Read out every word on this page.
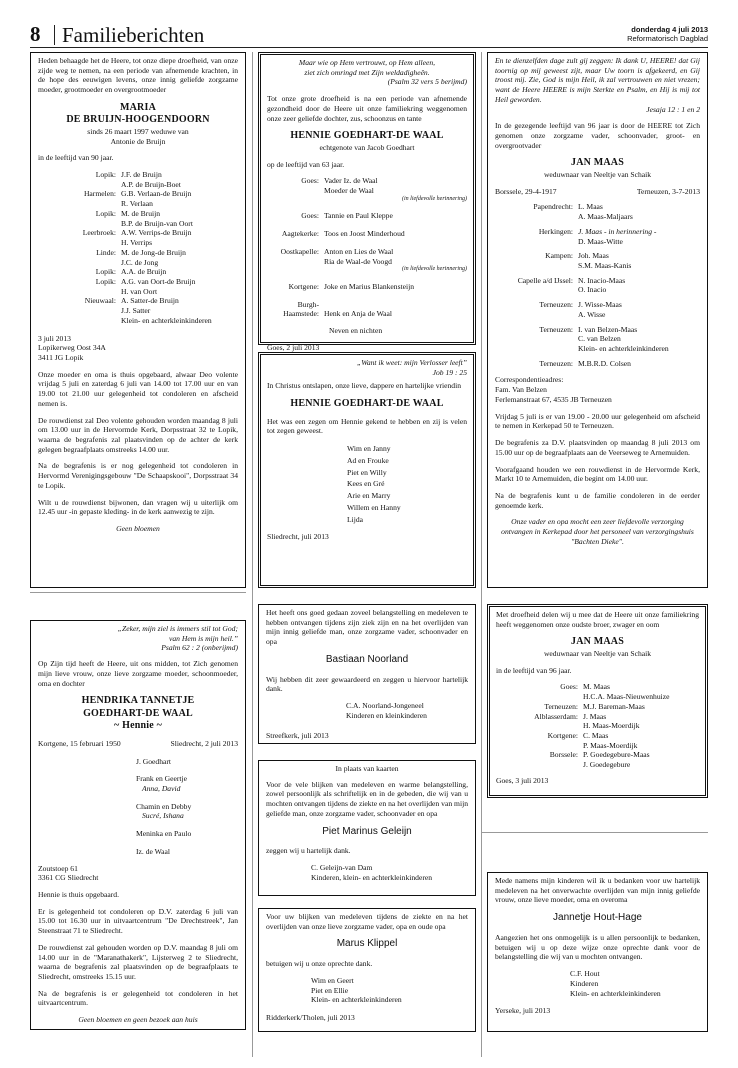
8 Familieberichten	donderdag 4 juli 2013
Reformatorisch Dagblad

Heden behaagde het de Heere, tot onze diepe droefheid, van onze zijde weg te nemen, na een periode van afnemende krachten, in de hope des eeuwigen levens, onze innig geliefde zorgzame moeder, grootmoeder en overgrootmoeder

MARIA
DE BRUIJN-HOOGENDOORN
sinds 26 maart 1997 weduwe van
Antonie de Bruijn

in de leeftijd van 90 jaar.

Lopik:	J.F. de Bruijn
A.P. de Bruijn-Boet

Harmelen:	G.B. Verlaan-de Bruijn
R. Verlaan

Lopik:	M. de Bruijn
B.P. de Bruijn-van Oort

Leerbroek:	A.W. Verrips-de Bruijn
H. Verrips

Linde:	M. de Jong-de Bruijn
J.C. de Jong

Lopik:	A.A. de Bruijn

Lopik:	A.G. van Oort-de Bruijn
H. van Oort

Nieuwaal:	A. Satter-de Bruijn
J.J. Satter

	Klein- en achterkleinkinderen
3 juli 2013
Lopikerweg Oost 34A
3411 JG Lopik

Onze moeder en oma is thuis opgebaard, alwaar Deo volente vrijdag 5 juli en zaterdag 6 juli van 14.00 tot 17.00 uur en van 19.00 tot 21.00 uur gelegenheid tot condoleren en afscheid nemen is.

De rouwdienst zal Deo volente gehouden worden maandag 8 juli om 13.00 uur in de Hervormde Kerk, Dorpsstraat 32 te Lopik, waarna de begrafenis zal plaatsvinden op de achter de kerk gelegen begraafplaats omstreeks 14.00 uur.

Na de begrafenis is er nog gelegenheid tot condoleren in Hervormd Verenigingsgebouw "De Schaapskooi", Dorpsstraat 34 te Lopik.

Wilt u de rouwdienst bijwonen, dan vragen wij u uiterlijk om 12.45 uur -in gepaste kleding- in de kerk aanwezig te zijn.

Geen bloemen
Maar wie op Hem vertrouwt, op Hem alleen,
ziet zich omringd met Zijn weldadigheên.
(Psalm 32 vers 5 berijmd)

Tot onze grote droefheid is na een periode van afnemende gezondheid door de Heere uit onze familiekring weggenomen onze zeer geliefde dochter, zus, schoonzus en tante

HENNIE GOEDHART-DE WAAL
echtgenote van Jacob Goedhart

op de leeftijd van 63 jaar.

Goes:	Vader Iz. de Waal
Moeder de Waal
(in liefdevolle herinnering)

Goes:	Tannie en Paul Kleppe

Aagtekerke:	Toos en Joost Minderhoud

Oostkapelle:	Anton en Lies de Waal
Ria de Waal-de Voogd
(in liefdevolle herinnering)

Kortgene:	Joke en Marius Blankensteijn

Burgh-Haamstede:	Henk en Anja de Waal
Neven en nichten
Goes, 2 juli 2013
„Want ik weet: mijn Verlosser leeft”
Job 19 : 25

In Christus ontslapen, onze lieve, dappere en hartelijke vriendin

HENNIE GOEDHART-DE WAAL

Het was een zegen om Hennie gekend te hebben en zij is velen tot zegen geweest.

Wim en Janny
Ad en Frouke
Piet en Willy
Kees en Gré
Arie en Marry
Willem en Hanny
Lijda
Sliedrecht, juli 2013
En te dienzelfden dage zult gij zeggen: Ik dank U, HEERE! dat Gij toornig op mij geweest zijt, maar Uw toorn is afgekeerd, en Gij troost mij. Zie, God is mijn Heil, ik zal vertrouwen en niet vrezen; want de Heere HEERE is mijn Sterkte en Psalm, en Hij is mij tot Heil geworden.
Jesaja 12 : 1 en 2

In de gezegende leeftijd van 96 jaar is door de HEERE tot Zich genomen onze zorgzame vader, schoonvader, groot- en overgrootvader

JAN MAAS
weduwnaar van Neeltje van Schaik
Borssele, 29-4-1917	Terneuzen, 3-7-2013
Papendrecht:	L. Maas
A. Maas-Maljaars

Herkingen:	J. Maas - in herinnering -
D. Maas-Witte

Kampen:	Joh. Maas
S.M. Maas-Kanis

Capelle a/d IJssel:	N. Inacio-Maas
O. Inacio

Terneuzen:	J. Wisse-Maas
A. Wisse

Terneuzen:	I. van Belzen-Maas
C. van Belzen
Klein- en achterkleinkinderen

Terneuzen:	M.B.R.D. Colsen
Correspondentieadres:
Fam. Van Belzen
Ferlemanstraat 67, 4535 JB Terneuzen

Vrijdag 5 juli is er van 19.00 - 20.00 uur gelegenheid om afscheid te nemen in Kerkepad 50 te Terneuzen.

De begrafenis za D.V. plaatsvinden op maandag 8 juli 2013 om 15.00 uur op de begraafplaats aan de Veerseweg te Arnemuiden.

Voorafgaand houden we een rouwdienst in de Hervormde Kerk, Markt 10 te Arnemuiden, die begint om 14.00 uur.

Na de begrafenis kunt u de familie condoleren in de eerder genoemde kerk.

Onze vader en opa mocht een zeer liefdevolle verzorging ontvangen in Kerkepad door het personeel van verzorgingshuis "Bachten Dieke".
„Zeker, mijn ziel is immers stil tot God;
van Hem is mijn heil.”
Psalm 62 : 2 (onberijmd)

Op Zijn tijd heeft de Heere, uit ons midden, tot Zich genomen mijn lieve vrouw, onze lieve zorgzame moeder, schoonmoeder, oma en dochter

HENDRIKA TANNETJE
GOEDHART-DE WAAL
~ Hennie ~
Kortgene, 15 februari 1950	Sliedrecht, 2 juli 2013
J. Goedhart
Frank en Geertje
Anna, David
Chamin en Debby
Sucré, Ishana
Meninka en Paulo
Iz. de Waal
Zoutstoep 61
3361 CG Sliedrecht

Hennie is thuis opgebaard.

Er is gelegenheid tot condoleren op D.V. zaterdag 6 juli van 15.00 tot 16.30 uur in uitvaartcentrum "De Drechtstreek", Jan Steenstraat 71 te Sliedrecht.

De rouwdienst zal gehouden worden op D.V. maandag 8 juli om 14.00 uur in de "Maranathakerk", Lijsterweg 2 te Sliedrecht, waarna de begrafenis zal plaatsvinden op de begraafplaats te Sliedrecht, omstreeks 15.15 uur.

Na de begrafenis is er gelegenheid tot condoleren in het uitvaartcentrum.

Geen bloemen en geen bezoek aan huis

Het heeft ons goed gedaan zoveel belangstelling en medeleven te hebben ontvangen tijdens zijn ziek zijn en na het overlijden van mijn innig geliefde man, onze zorgzame vader, schoonvader en opa

Bastiaan Noorland

Wij hebben dit zeer gewaardeerd en zeggen u hiervoor hartelijk dank.

C.A. Noorland-Jongeneel
Kinderen en kleinkinderen
Streefkerk, juli 2013
In plaats van kaarten

Voor de vele blijken van medeleven en warme belangstelling, zowel persoonlijk als schriftelijk en in de gebeden, die wij van u mochten ontvangen tijdens de ziekte en na het overlijden van mijn geliefde man, onze zorgzame vader, schoonvader en opa

Piet Marinus Geleijn

zeggen wij u hartelijk dank.

C. Geleijn-van Dam
Kinderen, klein- en achterkleinkinderen

Voor uw blijken van medeleven tijdens de ziekte en na het overlijden van onze lieve zorgzame vader, opa en oude opa

Marus Klippel

betuigen wij u onze oprechte dank.

Wim en Geert
Piet en Ellie
Klein- en achterkleinkinderen
Ridderkerk/Tholen, juli 2013

Met droefheid delen wij u mee dat de Heere uit onze familiekring heeft weggenomen onze oudste broer, zwager en oom

JAN MAAS
weduwnaar van Neeltje van Schaik

in de leeftijd van 96 jaar.

Goes:	M. Maas
H.C.A. Maas-Nieuwenhuize

Terneuzen:	M.J. Bareman-Maas

Alblasserdam:	J. Maas
H. Maas-Moerdijk

Kortgene:	C. Maas
P. Maas-Moerdijk

Borssele:	P. Goedegebure-Maas
J. Goedegebure
Goes, 3 juli 2013

Mede namens mijn kinderen wil ik u bedanken voor uw hartelijk medeleven na het onverwachte overlijden van mijn innig geliefde vrouw, onze lieve moeder, oma en overoma

Jannetje Hout-Hage

Aangezien het ons onmogelijk is u allen persoonlijk te bedanken, betuigen wij u op deze wijze onze oprechte dank voor de belangstelling die wij van u mochten ontvangen.

C.F. Hout
Kinderen
Klein- en achterkleinkinderen
Yerseke, juli 2013
